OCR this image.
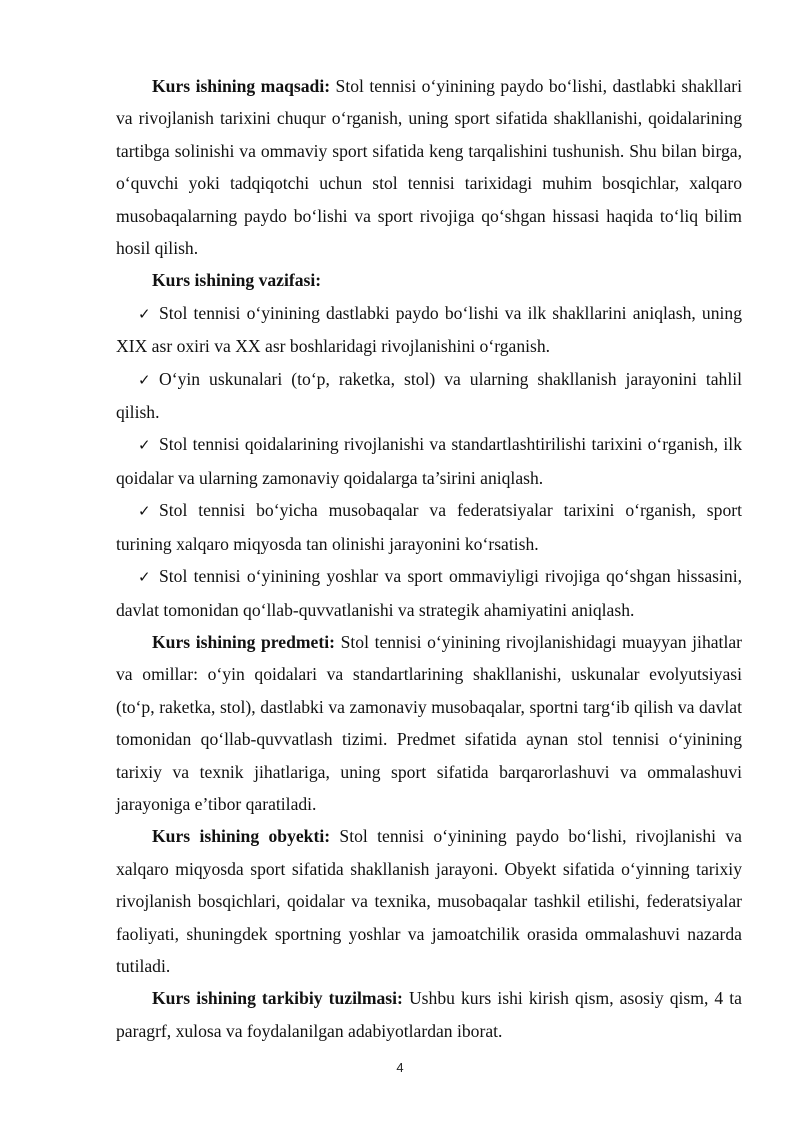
Kurs ishining maqsadi: Stol tennisi o‘yinining paydo bo‘lishi, dastlabki shakllari va rivojlanish tarixini chuqur o‘rganish, uning sport sifatida shakllanishi, qoidalarining tartibga solinishi va ommaviy sport sifatida keng tarqalishini tushunish. Shu bilan birga, o‘quvchi yoki tadqiqotchi uchun stol tennisi tarixidagi muhim bosqichlar, xalqaro musobaqalarning paydo bo‘lishi va sport rivojiga qo‘shgan hissasi haqida to‘liq bilim hosil qilish.

Kurs ishining vazifasi:

✓ Stol tennisi o‘yinining dastlabki paydo bo‘lishi va ilk shakllarini aniqlash, uning XIX asr oxiri va XX asr boshlaridagi rivojlanishini o‘rganish.

✓ O‘yin uskunalari (to‘p, raketka, stol) va ularning shakllanish jarayonini tahlil qilish.

✓ Stol tennisi qoidalarining rivojlanishi va standartlashtirilishi tarixini o‘rganish, ilk qoidalar va ularning zamonaviy qoidalarga ta’sirini aniqlash.

✓ Stol tennisi bo‘yicha musobaqalar va federatsiyalar tarixini o‘rganish, sport turining xalqaro miqyosda tan olinishi jarayonini ko‘rsatish.

✓ Stol tennisi o‘yinining yoshlar va sport ommaviyligi rivojiga qo‘shgan hissasini, davlat tomonidan qo‘llab-quvvatlanishi va strategik ahamiyatini aniqlash.

Kurs ishining predmeti: Stol tennisi o‘yinining rivojlanishidagi muayyan jihatlar va omillar: o‘yin qoidalari va standartlarining shakllanishi, uskunalar evolyutsiyasi (to‘p, raketka, stol), dastlabki va zamonaviy musobaqalar, sportni targ‘ib qilish va davlat tomonidan qo‘llab-quvvatlash tizimi. Predmet sifatida aynan stol tennisi o‘yinining tarixiy va texnik jihatlariga, uning sport sifatida barqarorlashuvi va ommalashuvi jarayoniga e’tibor qaratiladi.

Kurs ishining obyekti: Stol tennisi o‘yinining paydo bo‘lishi, rivojlanishi va xalqaro miqyosda sport sifatida shakllanish jarayoni. Obyekt sifatida o‘yinning tarixiy rivojlanish bosqichlari, qoidalar va texnika, musobaqalar tashkil etilishi, federatsiyalar faoliyati, shuningdek sportning yoshlar va jamoatchilik orasida ommalashuvi nazarda tutiladi.

Kurs ishining tarkibiy tuzilmasi: Ushbu kurs ishi kirish qism, asosiy qism, 4 ta paragrf, xulosa va foydalanilgan adabiyotlardan iborat.

4
